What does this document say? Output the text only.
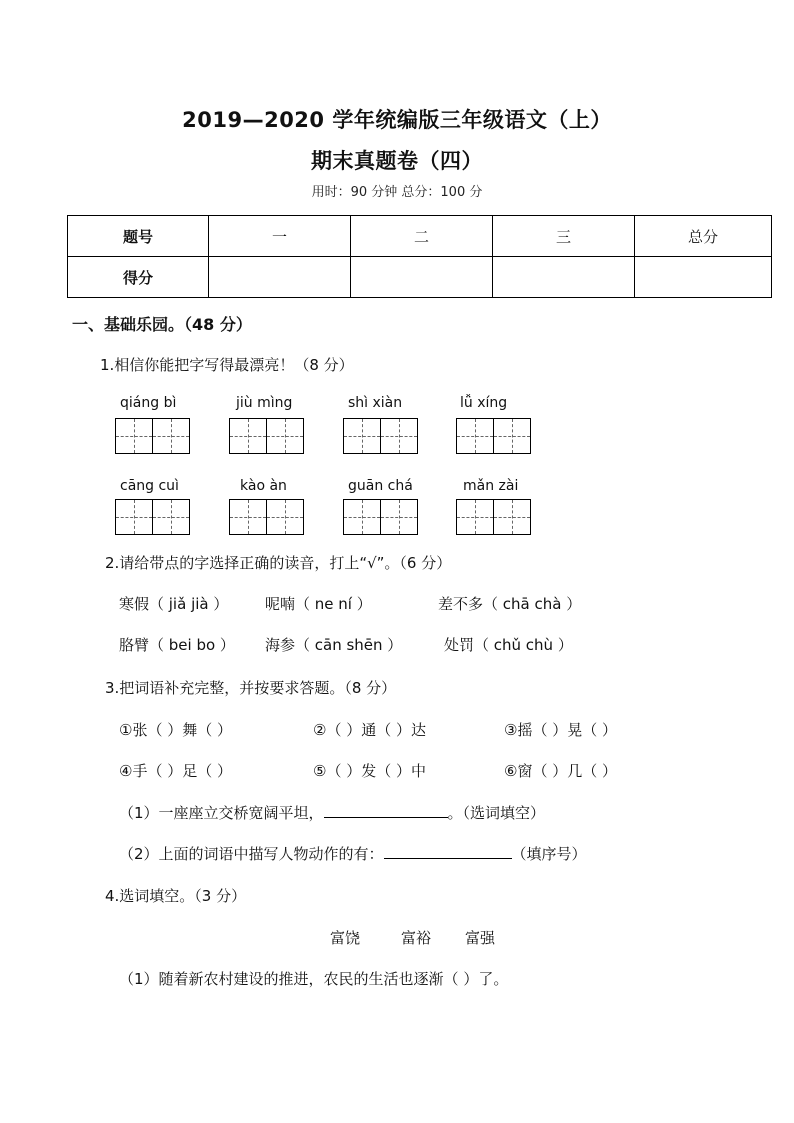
2019—2020 学年统编版三年级语文（上）
期末真题卷（四）
用时：90 分钟 总分：100 分
题号	一	二	三	总分
得分				
一、基础乐园。（48 分）
1.相信你能把字写得最漂亮！（8 分）
qiáng bì	jiù mìng	shì xiàn	lǚ xíng
cāng cuì	kào àn	guān chá	mǎn zài
2.请给带点的字选择正确的读音，打上“√”。（6 分）
寒假（ jiǎ jià ） 呢喃（ ne ní ）	差不多（ chā chà ）
胳臂（ bei bo ） 海参（ cān shēn ）	处罚（ chǔ chù ）
3.把词语补充完整，并按要求答题。（8 分）
①张（ ）舞（ ）	②（ ）通（ ）达	③摇（ ）晃（ ）
④手（ ）足（ ）	⑤（ ）发（ ）中	⑥窗（ ）几（ ）
（1）一座座立交桥宽阔平坦，	。（选词填空）
（2）上面的词语中描写人物动作的有：	（填序号）
4.选词填空。（3 分）
富饶	富裕 富强
（1）随着新农村建设的推进，农民的生活也逐渐（ ）了。
